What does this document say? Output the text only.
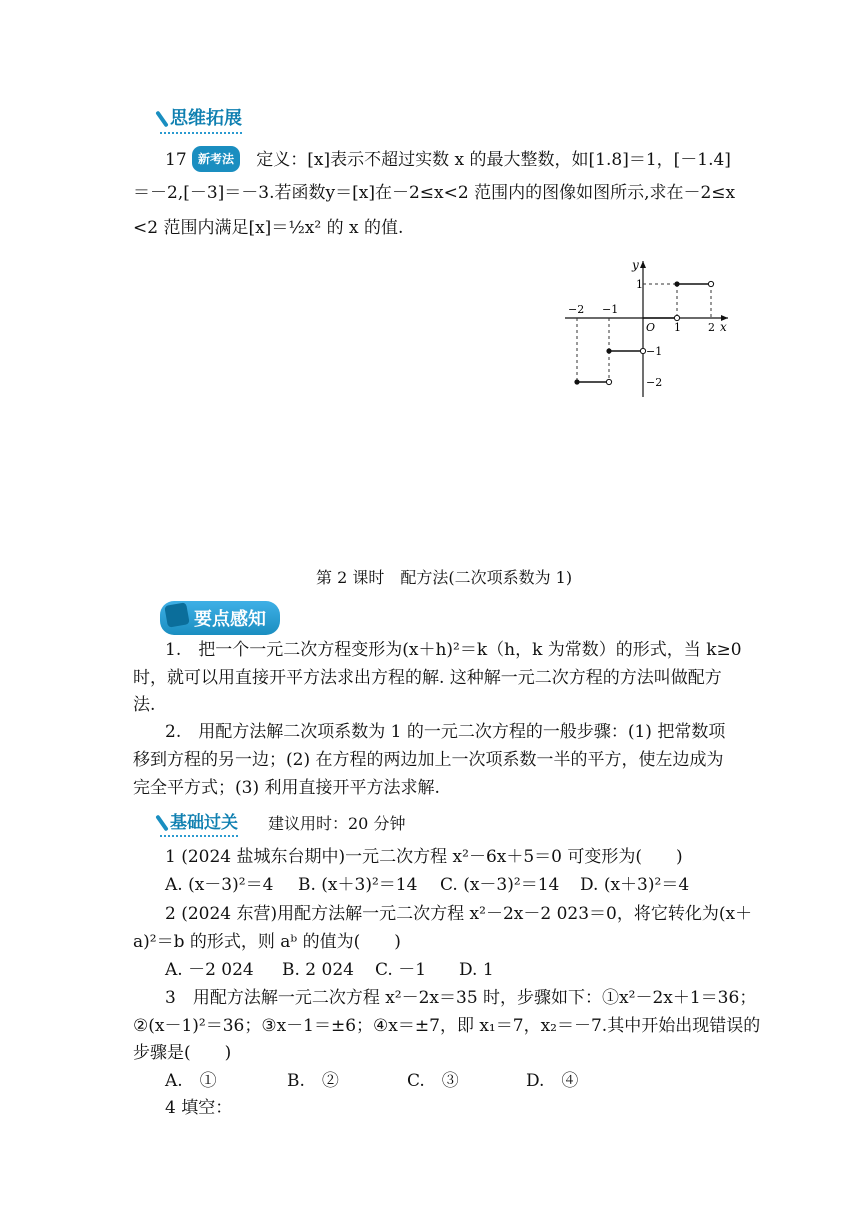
思维拓展
17 新考法 定义：[x]表示不超过实数 x 的最大整数，如[1.8]＝1，[－1.4]
＝－2,[－3]＝－3.若函数y＝[x]在－2≤x<2 范围内的图像如图所示,求在－2≤x
<2 范围内满足[x]＝½x² 的 x 的值.
y
x
O
−2 −1
1 2
1
−1
−2
第 2 课时　配方法(二次项系数为 1)
要点感知
1.　把一个一元二次方程变形为(x＋h)²＝k（h，k 为常数）的形式，当 k≥0
时，就可以用直接开平方法求出方程的解. 这种解一元二次方程的方法叫做配方
法.
2.　用配方法解二次项系数为 1 的一元二次方程的一般步骤：(1) 把常数项
移到方程的另一边；(2) 在方程的两边加上一次项系数一半的平方，使左边成为
完全平方式；(3) 利用直接开平方法求解.
基础过关 建议用时：20 分钟
1 (2024 盐城东台期中)一元二次方程 x²－6x＋5＝0 可变形为(　　)
A. (x－3)²＝4 B. (x＋3)²＝14 C. (x－3)²＝14 D. (x＋3)²＝4
2 (2024 东营)用配方法解一元二次方程 x²－2x－2 023＝0，将它转化为(x＋
a)²＝b 的形式，则 aᵇ 的值为(　　)
A. －2 024 B. 2 024 C. －1 D. 1
3　用配方法解一元二次方程 x²－2x＝35 时，步骤如下：①x²－2x＋1＝36；
②(x－1)²＝36；③x－1＝±6；④x＝±7，即 x₁＝7，x₂＝－7.其中开始出现错误的
步骤是(　　)
A.　①	B.　②	C.　③	D.　④
4 填空：
